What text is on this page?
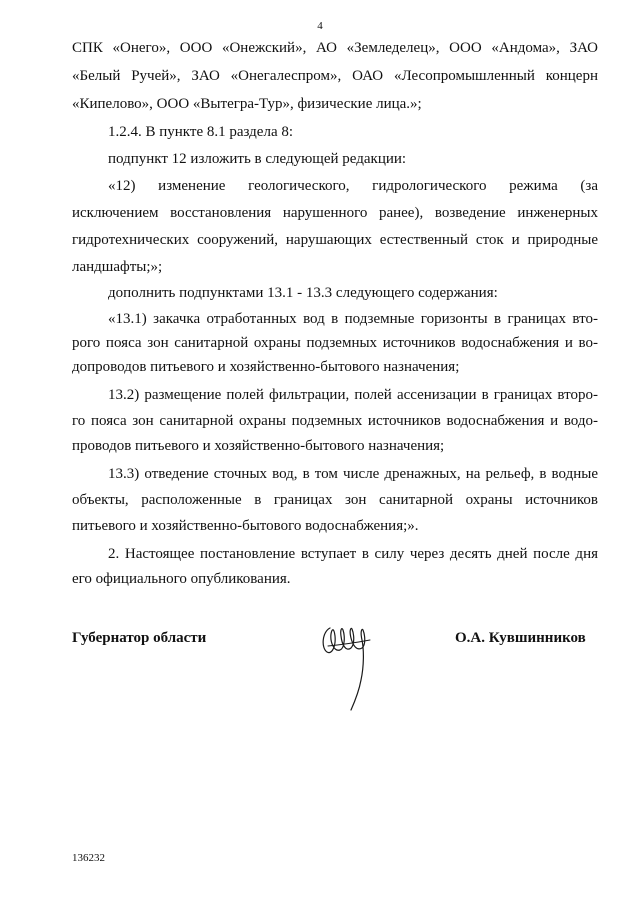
4
СПК «Онего», ООО «Онежский», АО «Земледелец», ООО «Андома», ЗАО
«Белый Ручей», ЗАО «Онегалеспром», ОАО «Лесопромышленный концерн
«Кипелово», ООО «Вытегра-Тур», физические лица.»;
1.2.4. В пункте 8.1 раздела 8:
подпункт 12 изложить в следующей редакции:
«12) изменение геологического, гидрологического режима (за
исключением восстановления нарушенного ранее), возведение инженерных
гидротехнических сооружений, нарушающих естественный сток и природные
ландшафты;»;
дополнить подпунктами 13.1 - 13.3 следующего содержания:
«13.1) закачка отработанных вод в подземные горизонты в границах вто-
рого пояса зон санитарной охраны подземных источников водоснабжения и во-
допроводов питьевого и хозяйственно-бытового назначения;
13.2) размещение полей фильтрации, полей ассенизации в границах второ-
го пояса зон санитарной охраны подземных источников водоснабжения и водо-
проводов питьевого и хозяйственно-бытового назначения;
13.3) отведение сточных вод, в том числе дренажных, на рельеф, в водные
объекты, расположенные в границах зон санитарной охраны источников
питьевого и хозяйственно-бытового водоснабжения;».
2. Настоящее постановление вступает в силу через десять дней после дня
его официального опубликования.
Губернатор области	О.А. Кувшинников
136232
